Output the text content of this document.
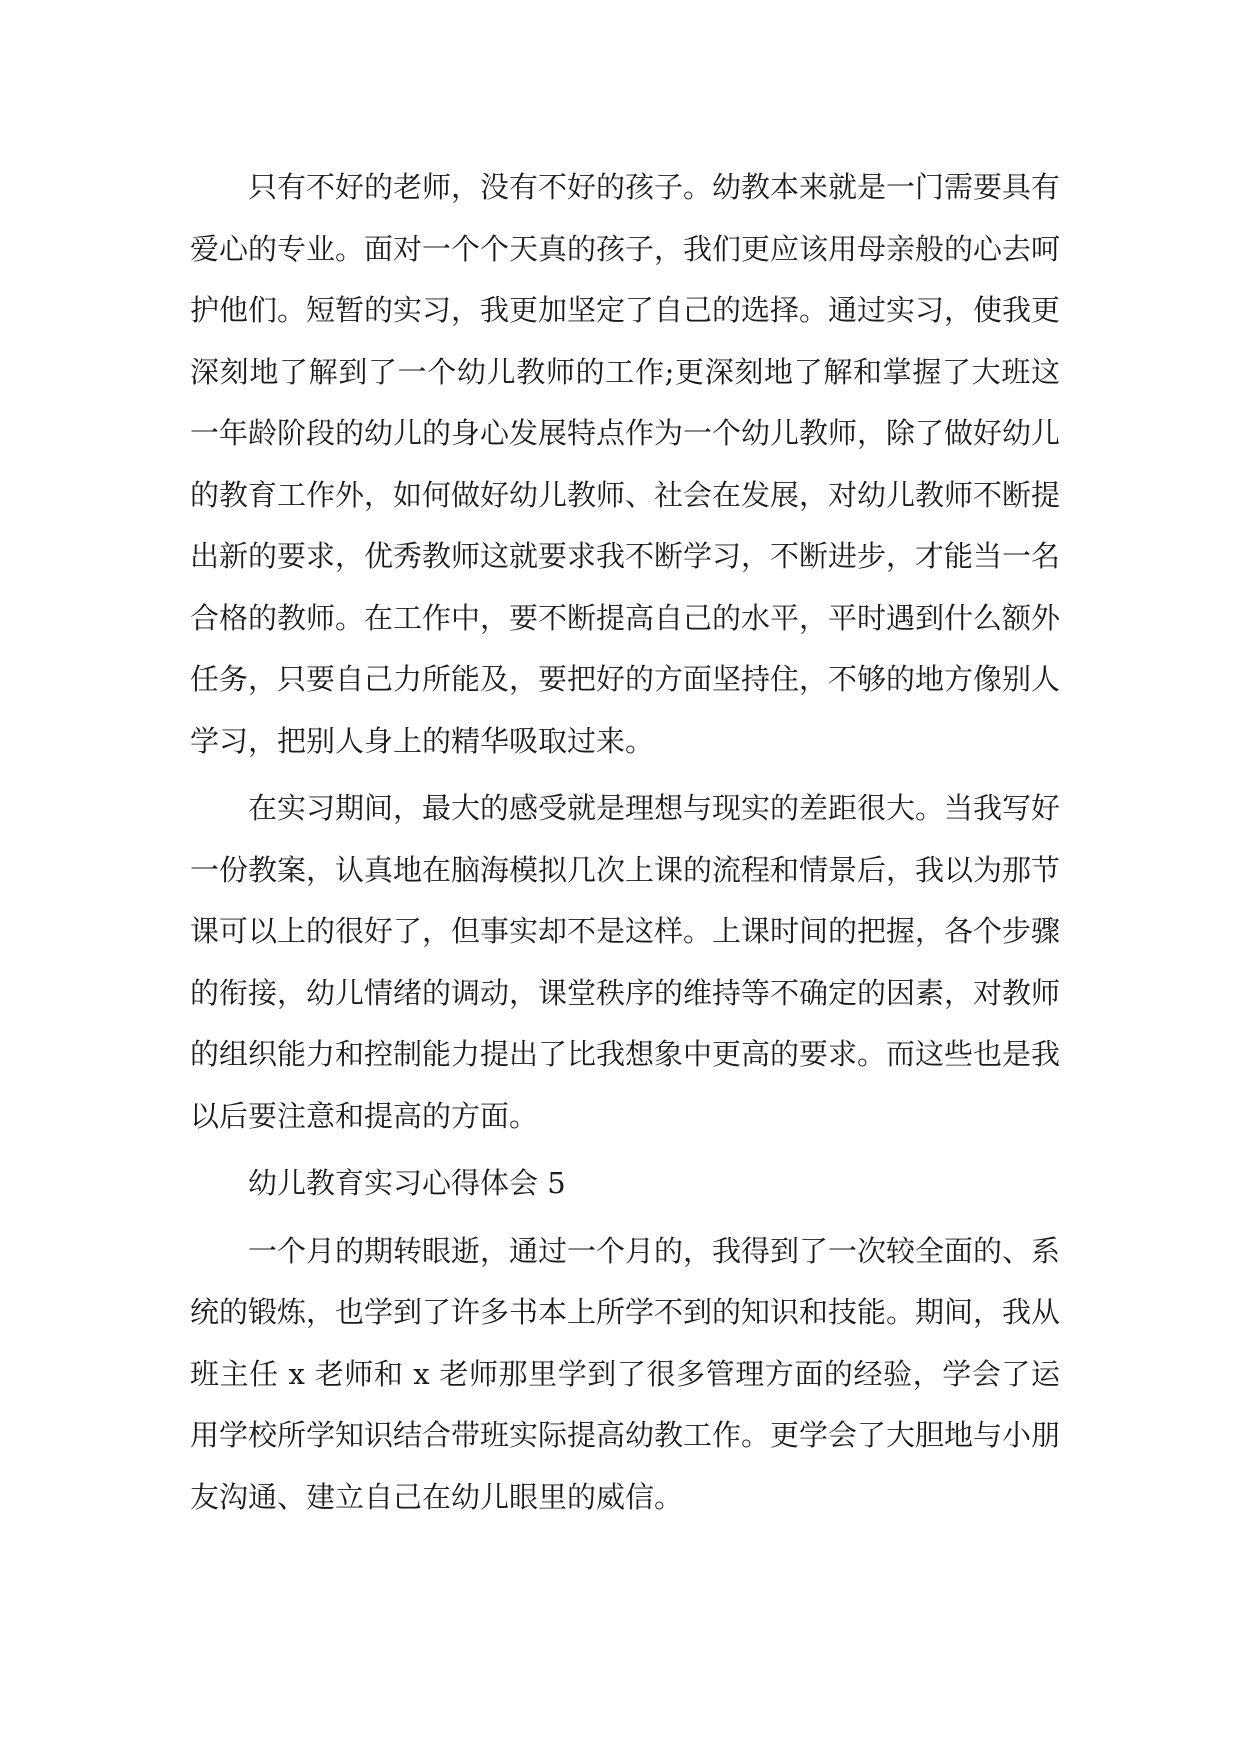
只有不好的老师，没有不好的孩子。幼教本来就是一门需要具有爱心的专业。面对一个个天真的孩子，我们更应该用母亲般的心去呵护他们。短暂的实习，我更加坚定了自己的选择。通过实习，使我更深刻地了解到了一个幼儿教师的工作;更深刻地了解和掌握了大班这一年龄阶段的幼儿的身心发展特点作为一个幼儿教师，除了做好幼儿的教育工作外，如何做好幼儿教师、社会在发展，对幼儿教师不断提出新的要求，优秀教师这就要求我不断学习，不断进步，才能当一名合格的教师。在工作中，要不断提高自己的水平，平时遇到什么额外任务，只要自己力所能及，要把好的方面坚持住，不够的地方像别人学习，把别人身上的精华吸取过来。

在实习期间，最大的感受就是理想与现实的差距很大。当我写好一份教案，认真地在脑海模拟几次上课的流程和情景后，我以为那节课可以上的很好了，但事实却不是这样。上课时间的把握，各个步骤的衔接，幼儿情绪的调动，课堂秩序的维持等不确定的因素，对教师的组织能力和控制能力提出了比我想象中更高的要求。而这些也是我以后要注意和提高的方面。

幼儿教育实习心得体会 5

一个月的期转眼逝，通过一个月的，我得到了一次较全面的、系统的锻炼，也学到了许多书本上所学不到的知识和技能。期间，我从班主任 x 老师和 x 老师那里学到了很多管理方面的经验，学会了运用学校所学知识结合带班实际提高幼教工作。更学会了大胆地与小朋友沟通、建立自己在幼儿眼里的威信。
